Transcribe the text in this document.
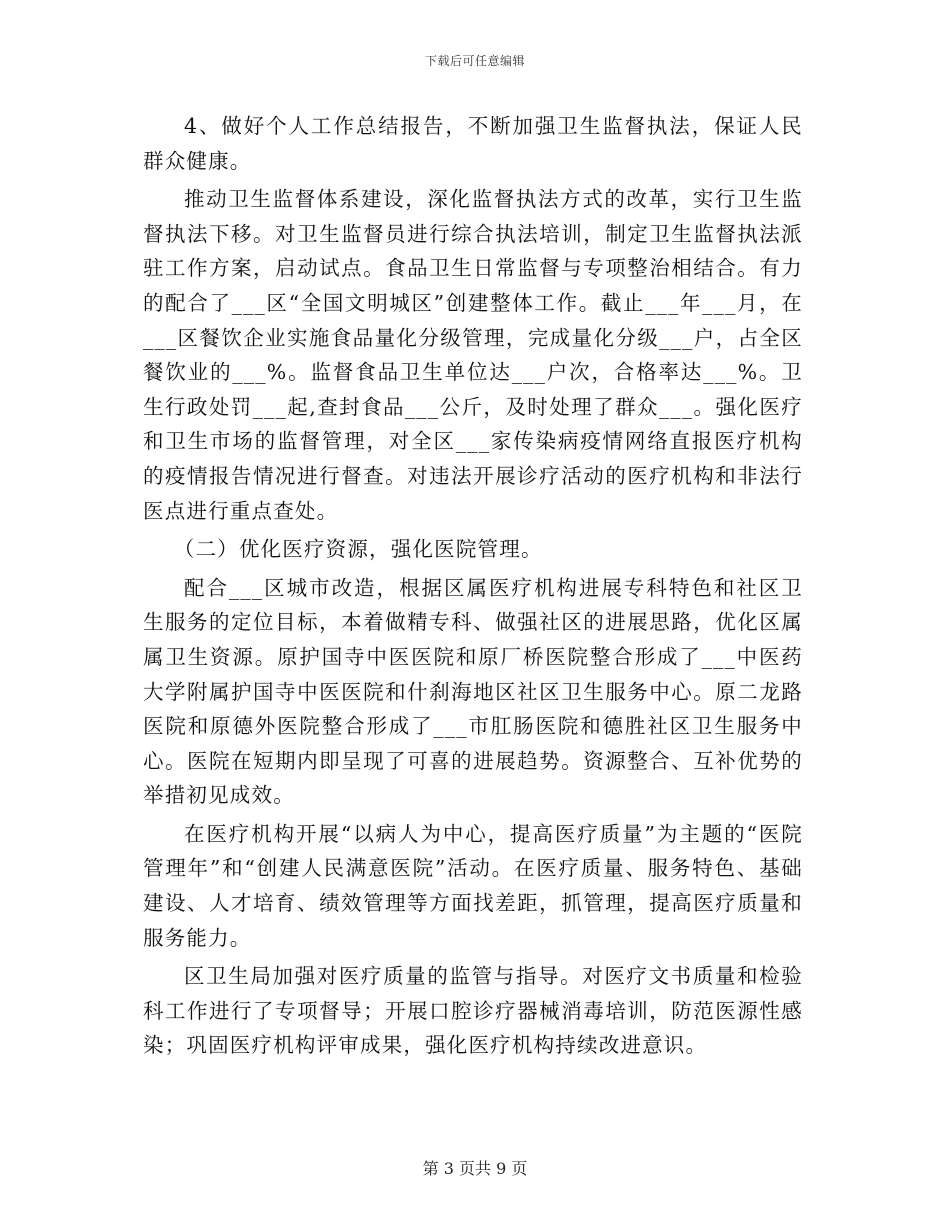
下载后可任意编辑

4、做好个人工作总结报告，不断加强卫生监督执法，保证人民群众健康。

推动卫生监督体系建设，深化监督执法方式的改革，实行卫生监督执法下移。对卫生监督员进行综合执法培训，制定卫生监督执法派驻工作方案，启动试点。食品卫生日常监督与专项整治相结合。有力的配合了___区“全国文明城区”创建整体工作。截止___年___月，在___区餐饮企业实施食品量化分级管理，完成量化分级___户，占全区餐饮业的___%。监督食品卫生单位达___户次，合格率达___%。卫生行政处罚___起,查封食品___公斤，及时处理了群众___。强化医疗和卫生市场的监督管理，对全区___家传染病疫情网络直报医疗机构的疫情报告情况进行督查。对违法开展诊疗活动的医疗机构和非法行医点进行重点查处。

（二）优化医疗资源，强化医院管理。

配合___区城市改造，根据区属医疗机构进展专科特色和社区卫生服务的定位目标，本着做精专科、做强社区的进展思路，优化区属属卫生资源。原护国寺中医医院和原厂桥医院整合形成了___中医药大学附属护国寺中医医院和什刹海地区社区卫生服务中心。原二龙路医院和原德外医院整合形成了___市肛肠医院和德胜社区卫生服务中心。医院在短期内即呈现了可喜的进展趋势。资源整合、互补优势的举措初见成效。

在医疗机构开展“以病人为中心，提高医疗质量”为主题的“医院管理年”和“创建人民满意医院”活动。在医疗质量、服务特色、基础建设、人才培育、绩效管理等方面找差距，抓管理，提高医疗质量和服务能力。

区卫生局加强对医疗质量的监管与指导。对医疗文书质量和检验科工作进行了专项督导；开展口腔诊疗器械消毒培训，防范医源性感染；巩固医疗机构评审成果，强化医疗机构持续改进意识。

第 3 页共 9 页
